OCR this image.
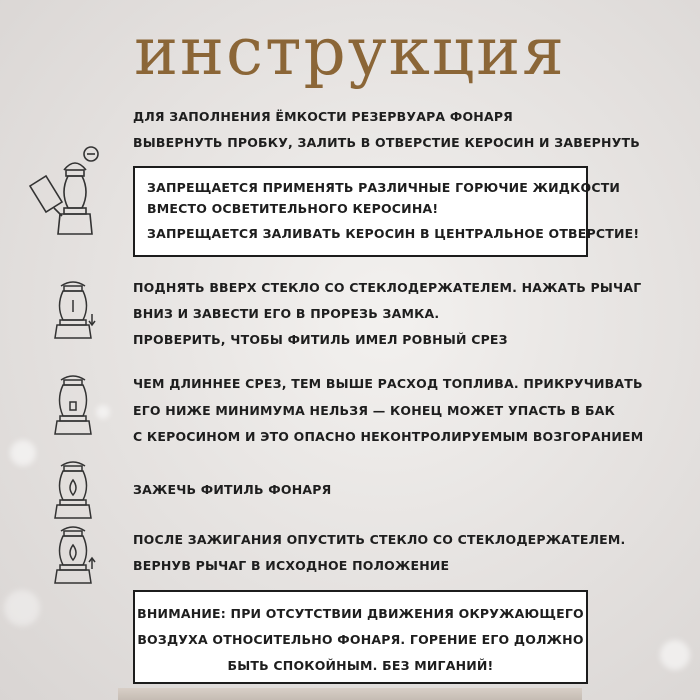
инструкция
ДЛЯ ЗАПОЛНЕНИЯ ЁМКОСТИ РЕЗЕРВУАРА ФОНАРЯ
ВЫВЕРНУТЬ ПРОБКУ, ЗАЛИТЬ В ОТВЕРСТИЕ КЕРОСИН И ЗАВЕРНУТЬ
ЗАПРЕЩАЕТСЯ ПРИМЕНЯТЬ РАЗЛИЧНЫЕ ГОРЮЧИЕ ЖИДКОСТИ
ВМЕСТО ОСВЕТИТЕЛЬНОГО КЕРОСИНА!
ЗАПРЕЩАЕТСЯ ЗАЛИВАТЬ КЕРОСИН В ЦЕНТРАЛЬНОЕ ОТВЕРСТИЕ!
ПОДНЯТЬ ВВЕРХ СТЕКЛО СО СТЕКЛОДЕРЖАТЕЛЕМ. НАЖАТЬ РЫЧАГ
ВНИЗ И ЗАВЕСТИ ЕГО В ПРОРЕЗЬ ЗАМКА.
ПРОВЕРИТЬ, ЧТОБЫ ФИТИЛЬ ИМЕЛ РОВНЫЙ СРЕЗ
ЧЕМ ДЛИННЕЕ СРЕЗ, ТЕМ ВЫШЕ РАСХОД ТОПЛИВА. ПРИКРУЧИВАТЬ
ЕГО НИЖЕ МИНИМУМА НЕЛЬЗЯ — КОНЕЦ МОЖЕТ УПАСТЬ В БАК
С КЕРОСИНОМ И ЭТО ОПАСНО НЕКОНТРОЛИРУЕМЫМ ВОЗГОРАНИЕМ
ЗАЖЕЧЬ ФИТИЛЬ ФОНАРЯ
ПОСЛЕ ЗАЖИГАНИЯ ОПУСТИТЬ СТЕКЛО СО СТЕКЛОДЕРЖАТЕЛЕМ.
ВЕРНУВ РЫЧАГ В ИСХОДНОЕ ПОЛОЖЕНИЕ
ВНИМАНИЕ: ПРИ ОТСУТСТВИИ ДВИЖЕНИЯ ОКРУЖАЮЩЕГО
ВОЗДУХА ОТНОСИТЕЛЬНО ФОНАРЯ. ГОРЕНИЕ ЕГО ДОЛЖНО
БЫТЬ СПОКОЙНЫМ. БЕЗ МИГАНИЙ!
